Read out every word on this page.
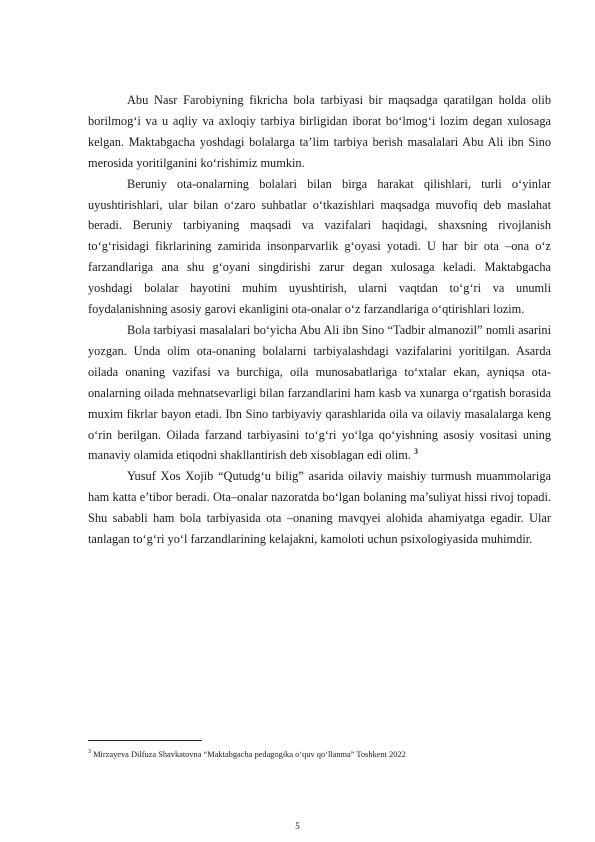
Abu Nasr Farobiyning fikricha bola tarbiyasi bir maqsadga qaratilgan holda olib borilmog‘i va u aqliy va axloqiy tarbiya birligidan iborat bo‘lmog‘i lozim degan xulosaga kelgan. Maktabgacha yoshdagi bolalarga ta’lim tarbiya berish masalalari Abu Ali ibn Sino merosida yoritilganini ko‘rishimiz mumkin.

Beruniy ota-onalarning bolalari bilan birga harakat qilishlari, turli o‘yinlar uyushtirishlari, ular bilan o‘zaro suhbatlar o‘tkazishlari maqsadga muvofiq deb maslahat beradi. Beruniy tarbiyaning maqsadi va vazifalari haqidagi, shaxsning rivojlanish to‘g‘risidagi fikrlarining zamirida insonparvarlik g‘oyasi yotadi. U har bir ota –ona o‘z farzandlariga ana shu g‘oyani singdirishi zarur degan xulosaga keladi. Maktabgacha yoshdagi bolalar hayotini muhim uyushtirish, ularni vaqtdan to‘g‘ri va unumli foydalanishning asosiy garovi ekanligini ota-onalar o‘z farzandlariga o‘qtirishlari lozim.

Bola tarbiyasi masalalari bo‘yicha Abu Ali ibn Sino “Tadbir almanozil” nomli asarini yozgan. Unda olim ota-onaning bolalarni tarbiyalashdagi vazifalarini yoritilgan. Asarda oilada onaning vazifasi va burchiga, oila munosabatlariga to‘xtalar ekan, ayniqsa ota-onalarning oilada mehnatsevarligi bilan farzandlarini ham kasb va xunarga o‘rgatish borasida muxim fikrlar bayon etadi. Ibn Sino tarbiyaviy qarashlarida oila va oilaviy masalalarga keng o‘rin berilgan. Oilada farzand tarbiyasini to‘g‘ri yo‘lga qo‘yishning asosiy vositasi uning manaviy olamida etiqodni shakllantirish deb xisoblagan edi olim. $^3$

Yusuf Xos Xojib “Qutudg‘u bilig” asarida oilaviy maishiy turmush muammolariga ham katta e’tibor beradi. Ota–onalar nazoratda bo‘lgan bolaning ma’suliyat hissi rivoj topadi. Shu sababli ham bola tarbiyasida ota –onaning mavqyei alohida ahamiyatga egadir. Ular tanlagan to‘g‘ri yo‘l farzandlarining kelajakni, kamoloti uchun psixologiyasida muhimdir.

$^3$ Mirzayeva Dilfuza Shavkatovna “Maktabgacha pedagogika o‘quv qo‘llanma” Toshkent 2022
5
